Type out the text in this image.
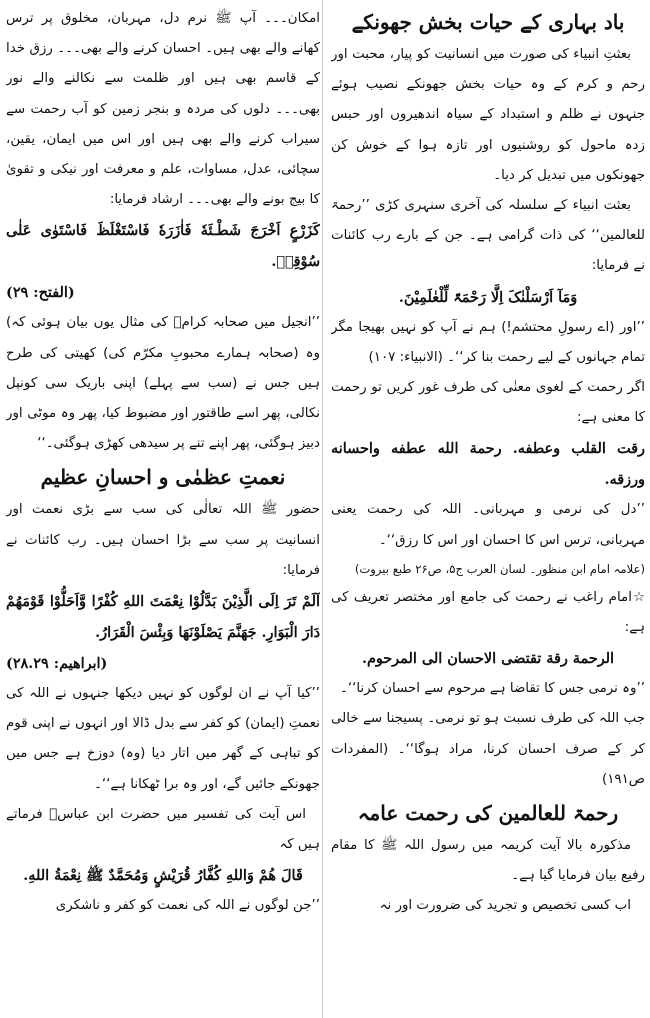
باد بہاری کے حیات بخش جھونکے

بعثتِ انبیاء کی صورت میں انسانیت کو پیار، محبت اور رحم و کرم کے وہ حیات بخش جھونکے نصیب ہوئے جنہوں نے ظلم و استبداد کے سیاہ اندھیروں اور حبس زدہ ماحول کو روشنیوں اور تازہ ہوا کے خوش کن جھونکوں میں تبدیل کر دیا۔

بعثت انبیاء کے سلسلہ کی آخری سنہری کڑی ’’رحمۃ للعالمین‘‘ کی ذات گرامی ہے۔ جن کے بارے رب کائنات نے فرمایا:

وَمَآ اَرْسَلْنٰکَ اِلَّا رَحْمَۃً لِّلْعٰلَمِیْنَ.

’’اور (اے رسولِ محتشم!) ہم نے آپ کو نہیں بھیجا مگر تمام جہانوں کے لیے رحمت بنا کر‘‘۔ (الانبیاء: ۱۰۷)

اگر رحمت کے لغوی معنٰی کی طرف غور کریں تو رحمت کا معنی ہے:

رقت القلب وعطفه. رحمة الله عطفه واحسانه ورزقه.

’’دل کی نرمی و مہربانی۔ اللہ کی رحمت یعنی مہربانی، ترس اس کا احسان اور اس کا رزق‘‘۔

(علامہ امام ابن منظور۔ لسان العرب ج۵، ص۲۶ طبع بیروت)

☆امام راغب نے رحمت کی جامع اور مختصر تعریف کی ہے:

الرحمة رقة تقتضی الاحسان الی المرحوم.

’’وہ نرمی جس کا تقاضا ہے مرحوم سے احسان کرنا‘‘۔

جب اللہ کی طرف نسبت ہو تو نرمی۔ پسیجنا سے خالی کر کے صرف احسان کرنا، مراد ہوگا‘‘۔ (المفردات ص۱۹۱)

رحمۃ للعالمین کی رحمت عامہ

مذکورہ بالا آیت کریمہ میں رسول اللہ ﷺ کا مقام رفیع بیان فرمایا گیا ہے۔

اب کسی تخصیص و تجرید کی ضرورت اور نہ

امکان۔۔۔ آپ ﷺ نرم دل، مہربان، مخلوق پر ترس کھانے والے بھی ہیں۔ احسان کرنے والے بھی۔۔۔ رزق خدا کے قاسم بھی ہیں اور ظلمت سے نکالنے والے نور بھی۔۔۔ دلوں کی مردہ و بنجر زمین کو آب رحمت سے سیراب کرنے والے بھی ہیں اور اس میں ایمان، یقین، سچائی، عدل، مساوات، علم و معرفت اور نیکی و تقویٰ کا بیج بونے والے بھی۔۔۔ ارشاد فرمایا:

کَزَرْعٍ اَخْرَجَ شَطْـئَهٗ فَاٰزَرَهٗ فَاسْتَغْلَظَ فَاسْتَوٰی عَلٰی سُوْقِهٖ.

(الفتح: ۲۹)

’’انجیل میں صحابہ کرامؓ کی مثال یوں بیان ہوئی کہ) وہ (صحابہ ہمارے محبوبِ مکرّم کی) کھیتی کی طرح ہیں جس نے (سب سے پہلے) اپنی باریک سی کونپل نکالی، پھر اسے طاقتور اور مضبوط کیا، پھر وہ موٹی اور دبیز ہوگئی، پھر اپنے تنے پر سیدھی کھڑی ہوگئی۔‘‘

نعمتِ عظمٰی و احسانِ عظیم

حضور ﷺ اللہ تعالٰی کی سب سے بڑی نعمت اور انسانیت پر سب سے بڑا احسان ہیں۔ رب کائنات نے فرمایا:

اَلَمْ تَرَ اِلَی الَّذِیْنَ بَدَّلُوْا نِعْمَتَ اللهِ كُفْرًا وَّاَحَلُّوْا قَوْمَهُمْ دَارَ الْبَوَارِ. جَهَنَّمَ يَصْلَوْنَهَا وَبِئْسَ الْقَرَارُ.

(ابراهیم: ۲۸.۲۹)

’’کیا آپ نے ان لوگوں کو نہیں دیکھا جنہوں نے اللہ کی نعمتِ (ایمان) کو کفر سے بدل ڈالا اور انہوں نے اپنی قوم کو تباہی کے گھر میں اتار دیا (وہ) دوزخ ہے جس میں جھونکے جائیں گے، اور وہ برا ٹھکانا ہے‘‘۔

اس آیت کی تفسیر میں حضرت ابن عباسؓ فرماتے ہیں کہ

قَالَ هُمْ وَاللهِ كُفَّارُ قُرَيْشٍ وَمُحَمَّدٌ ﷺ نِعْمَةُ اللهِ.

’’جن لوگوں نے اللہ کی نعمت کو کفر و ناشکری
